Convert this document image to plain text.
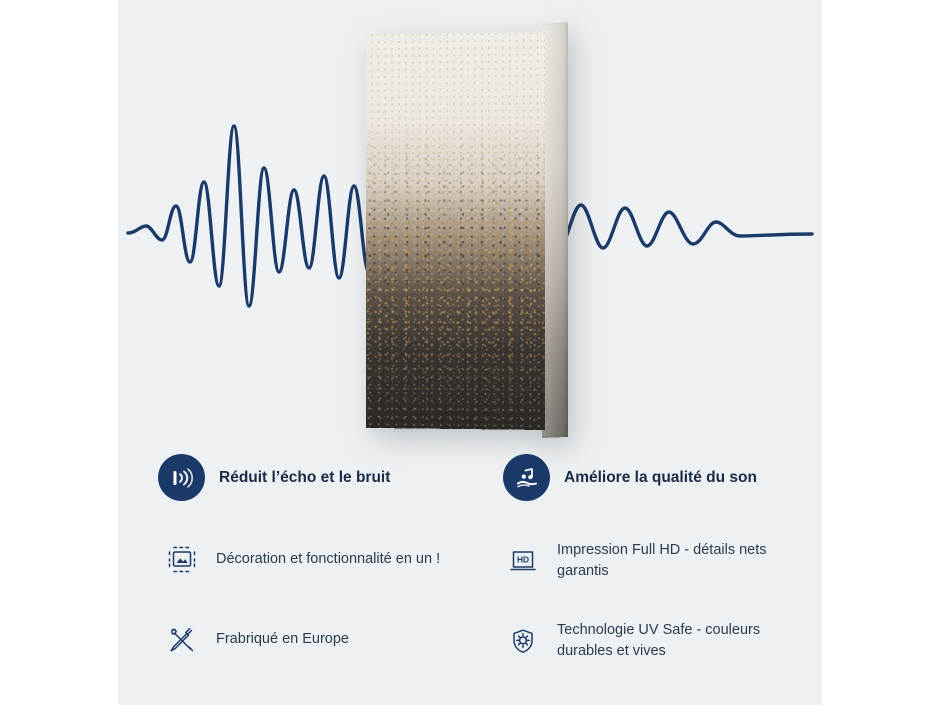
Réduit l’écho et le bruit	Améliore la qualité du son
Décoration et fonctionnalité en un !	HD
Impression Full HD - détails nets garantis
Frabriqué en Europe
Technologie UV Safe - couleurs durables et vives
